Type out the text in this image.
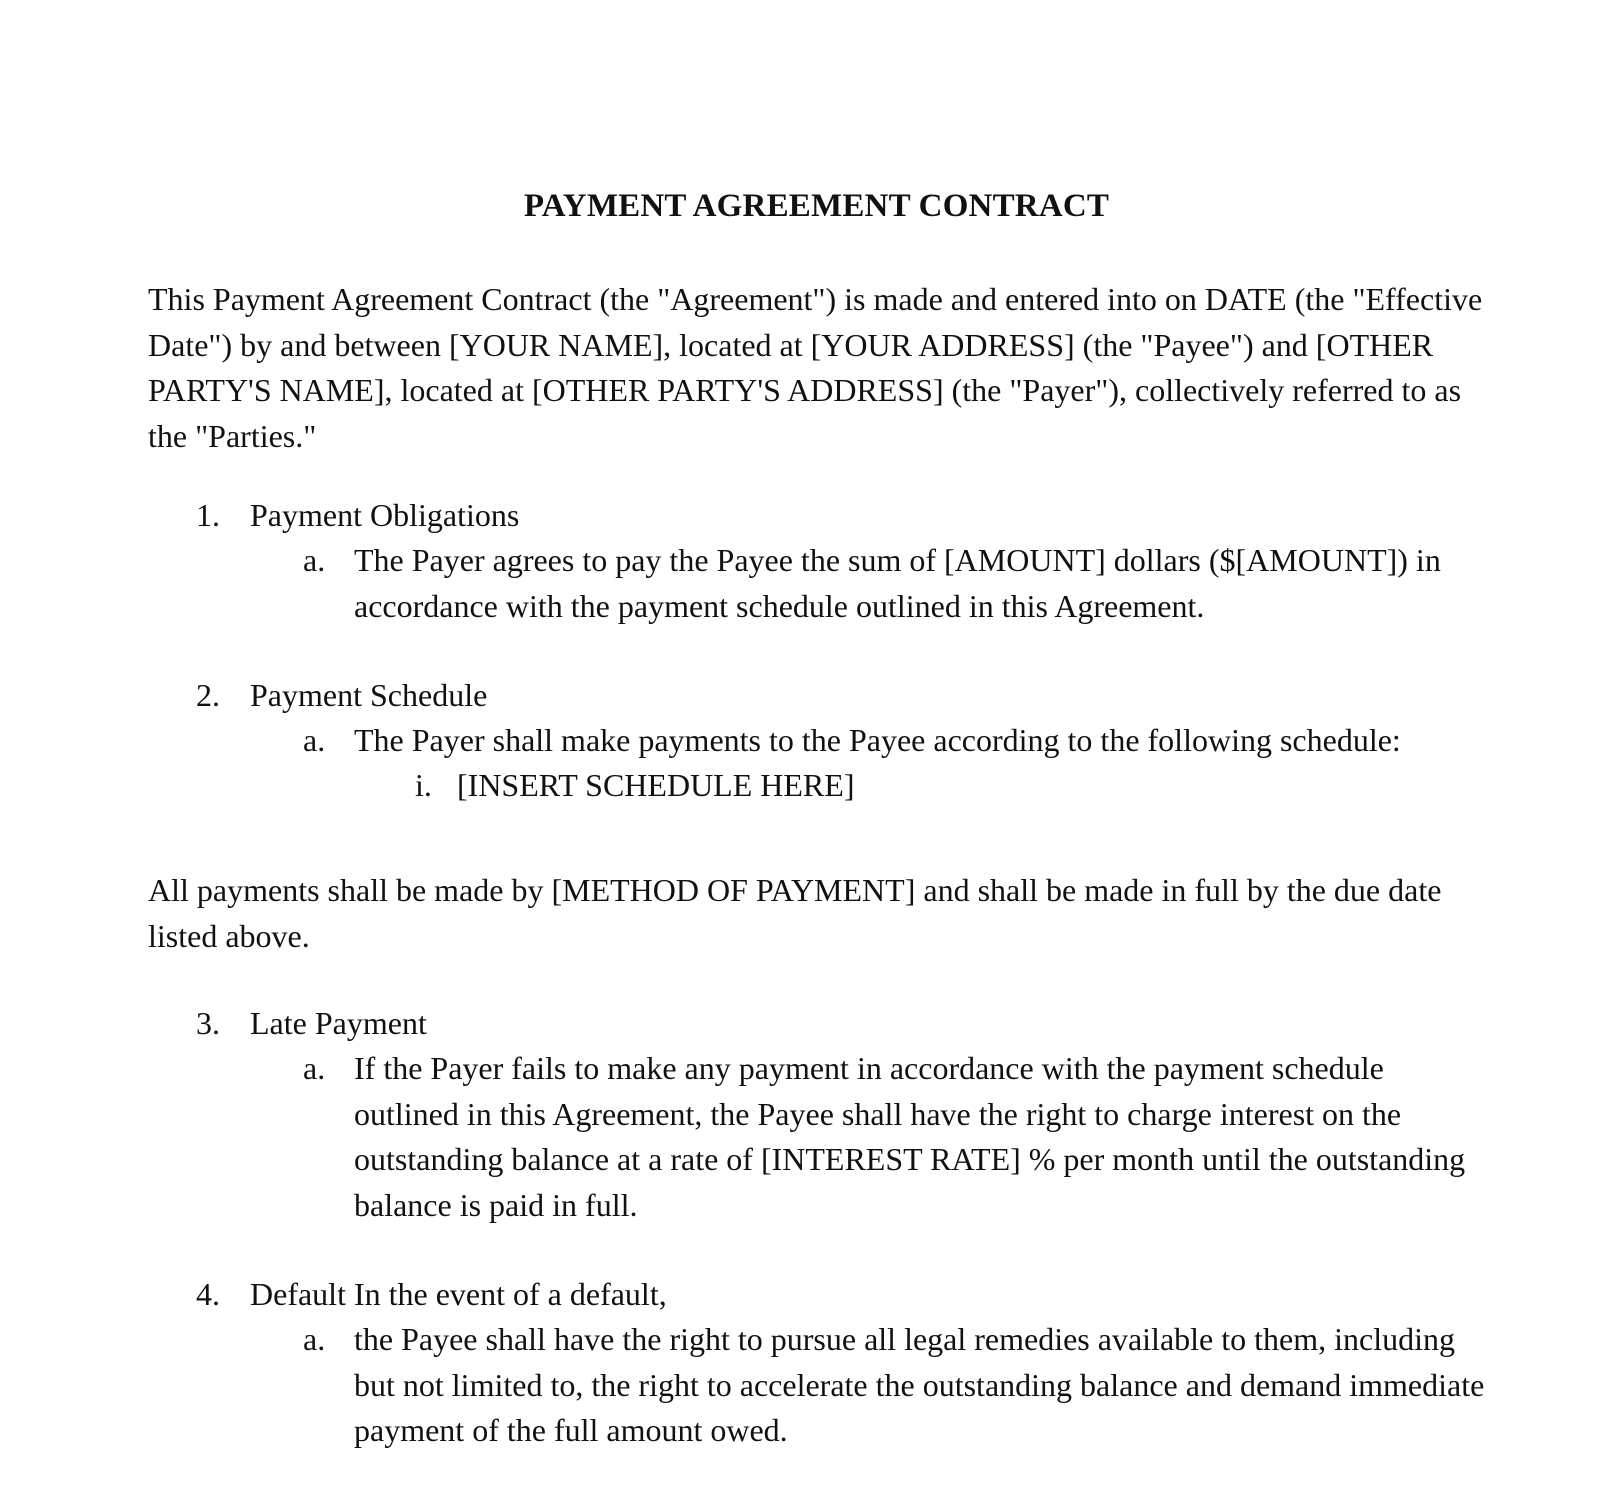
PAYMENT AGREEMENT CONTRACT
This Payment Agreement Contract (the "Agreement") is made and entered into on DATE (the "Effective Date") by and between [YOUR NAME], located at [YOUR ADDRESS] (the "Payee") and [OTHER PARTY'S NAME], located at [OTHER PARTY'S ADDRESS] (the "Payer"), collectively referred to as the "Parties."
1. Payment Obligations
a. The Payer agrees to pay the Payee the sum of [AMOUNT] dollars ($[AMOUNT]) in accordance with the payment schedule outlined in this Agreement.
2. Payment Schedule
a. The Payer shall make payments to the Payee according to the following schedule:
i. [INSERT SCHEDULE HERE]
All payments shall be made by [METHOD OF PAYMENT] and shall be made in full by the due date listed above.
3. Late Payment
a. If the Payer fails to make any payment in accordance with the payment schedule outlined in this Agreement, the Payee shall have the right to charge interest on the outstanding balance at a rate of [INTEREST RATE] % per month until the outstanding balance is paid in full.
4. Default In the event of a default,
a. the Payee shall have the right to pursue all legal remedies available to them, including but not limited to, the right to accelerate the outstanding balance and demand immediate payment of the full amount owed.
